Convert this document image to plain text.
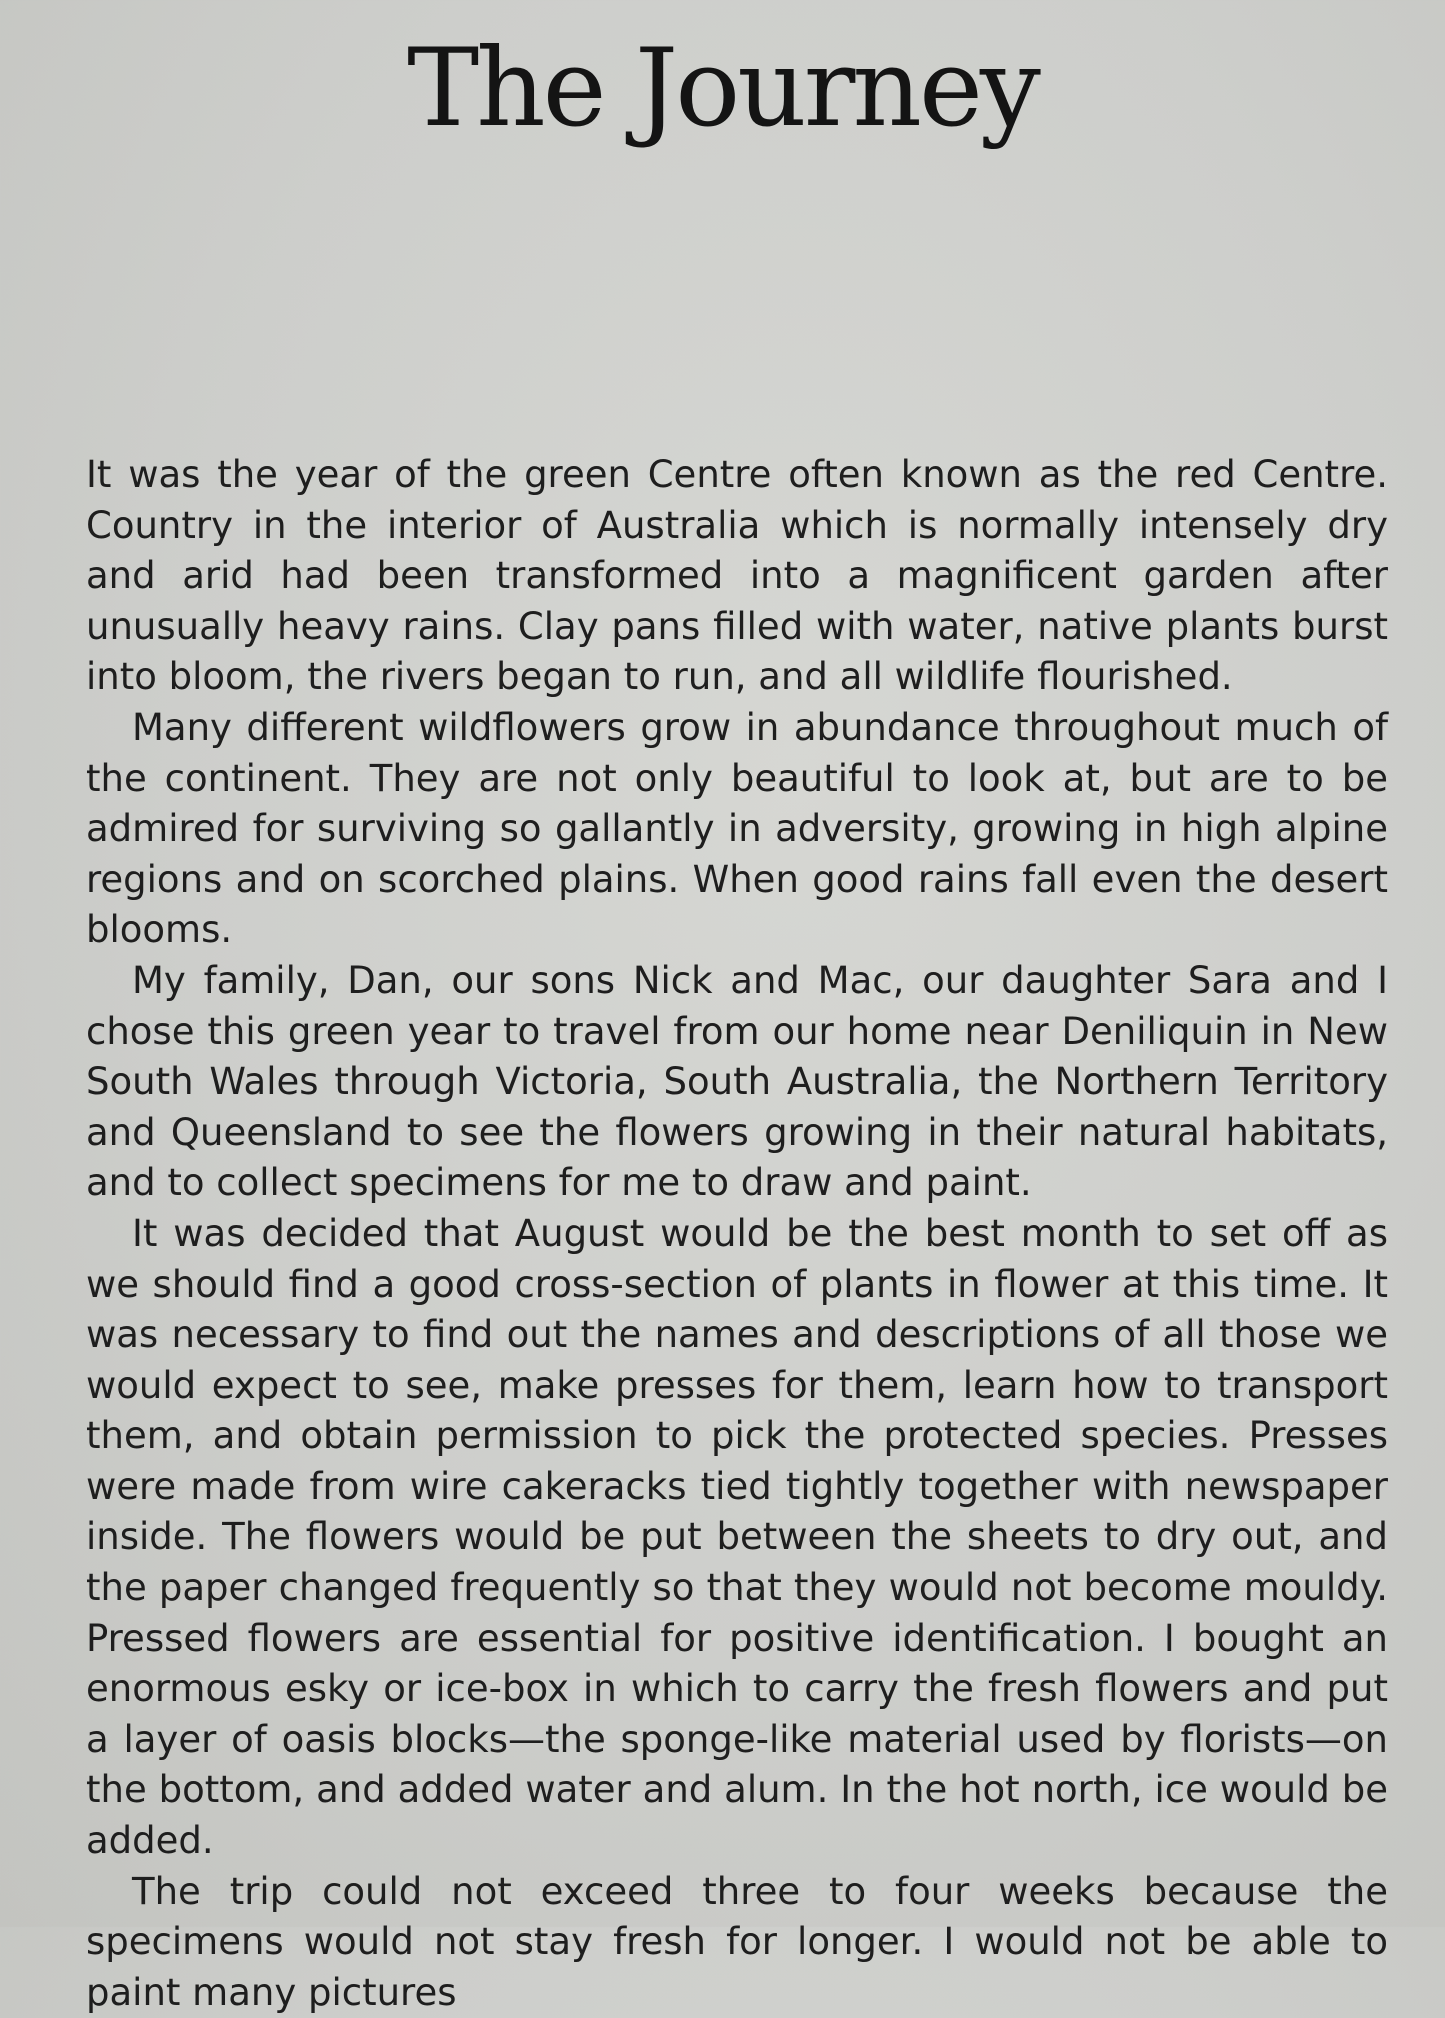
The Journey

It was the year of the green Centre often known as the red Centre. Country in the interior of Australia which is normally intensely dry and arid had been transformed into a magnificent garden after unusually heavy rains. Clay pans filled with water, native plants burst into bloom, the rivers began to run, and all wildlife flourished.

Many different wildflowers grow in abundance throughout much of the continent. They are not only beautiful to look at, but are to be admired for surviving so gallantly in adversity, growing in high alpine regions and on scorched plains. When good rains fall even the desert blooms.

My family, Dan, our sons Nick and Mac, our daughter Sara and I chose this green year to travel from our home near Deniliquin in New South Wales through Victoria, South Australia, the Northern Territory and Queensland to see the flowers growing in their natural habitats, and to collect specimens for me to draw and paint.

It was decided that August would be the best month to set off as we should find a good cross-section of plants in flower at this time. It was necessary to find out the names and descriptions of all those we would expect to see, make presses for them, learn how to transport them, and obtain permission to pick the protected species. Presses were made from wire cakeracks tied tightly together with newspaper inside. The flowers would be put between the sheets to dry out, and the paper changed frequently so that they would not become mouldy. Pressed flowers are essential for positive identification. I bought an enormous esky or ice-box in which to carry the fresh flowers and put a layer of oasis blocks—the sponge-like material used by florists—on the bottom, and added water and alum. In the hot north, ice would be added.

The trip could not exceed three to four weeks because the specimens would not stay fresh for longer. I would not be able to paint many pictures
